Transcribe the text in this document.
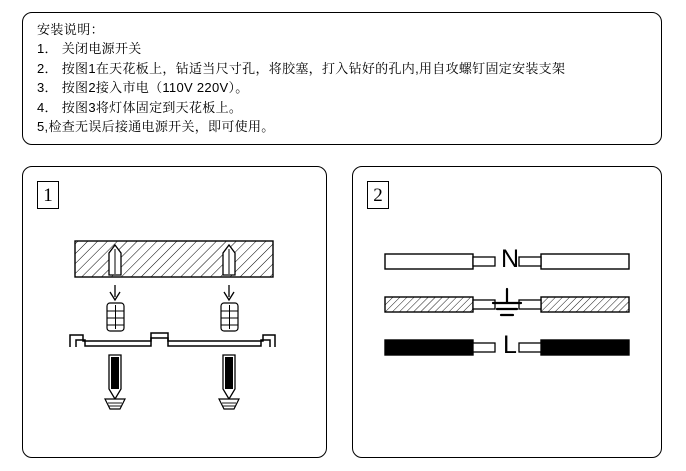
安装说明：
1． 关闭电源开关
2． 按图1在天花板上，钻适当尺寸孔，将胶塞，打入钻好的孔内,用自攻螺钉固定安装支架
3． 按图2接入市电（110V 220V）。
4． 按图3将灯体固定到天花板上。
5,检查无误后接通电源开关，即可使用。
1	2
N
L
